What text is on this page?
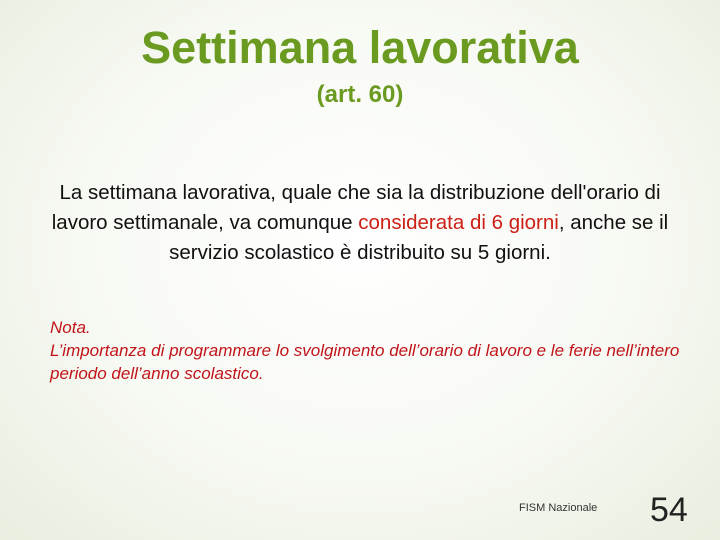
Settimana lavorativa
(art. 60)
La settimana lavorativa, quale che sia la distribuzione dell'orario di lavoro settimanale, va comunque considerata di 6 giorni, anche se il servizio scolastico è distribuito su 5 giorni.
Nota.
L’importanza di programmare lo svolgimento dell’orario di lavoro e le ferie nell’intero periodo dell’anno scolastico.
FISM Nazionale 54
